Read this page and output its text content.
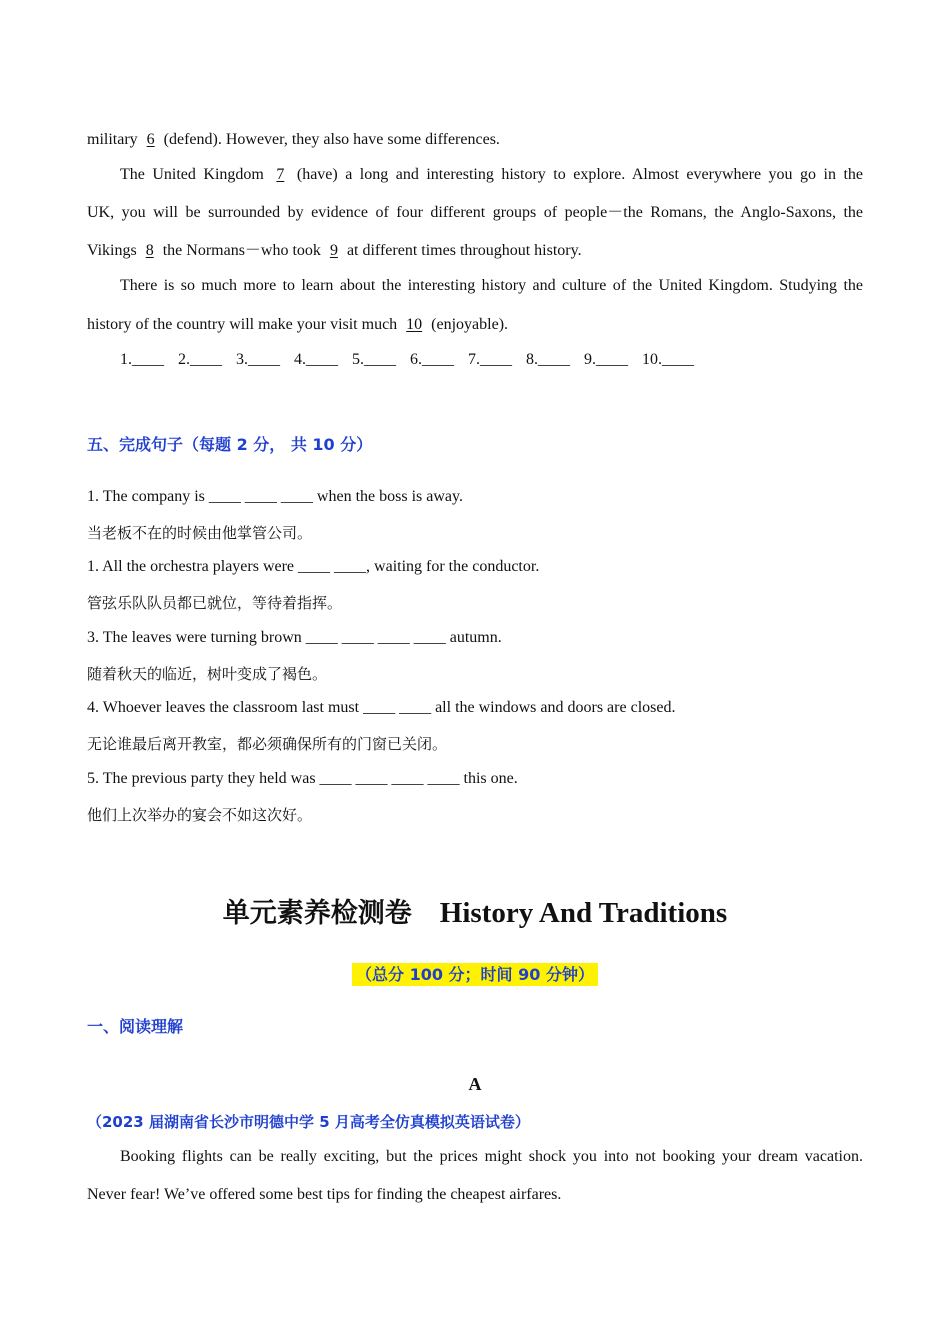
military 6 (defend). However, they also have some differences.
The United Kingdom 7 (have) a long and interesting history to explore. Almost everywhere you go in the
UK, you will be surrounded by evidence of four different groups of people－the Romans, the Anglo-Saxons, the
Vikings 8 the Normans－who took 9 at different times throughout history.
There is so much more to learn about the interesting history and culture of the United Kingdom. Studying the
history of the country will make your visit much 10 (enjoyable).
1.____ 2.____ 3.____ 4.____ 5.____ 6.____ 7.____ 8.____ 9.____ 10.____
五、完成句子（每题 2 分， 共 10 分）
1. The company is ____ ____ ____ when the boss is away.
当老板不在的时候由他掌管公司。
1. All the orchestra players were ____ ____, waiting for the conductor.
管弦乐队队员都已就位，等待着指挥。
3. The leaves were turning brown ____ ____ ____ ____ autumn.
随着秋天的临近，树叶变成了褐色。
4. Whoever leaves the classroom last must ____ ____ all the windows and doors are closed.
无论谁最后离开教室，都必须确保所有的门窗已关闭。
5. The previous party they held was ____ ____ ____ ____ this one.
他们上次举办的宴会不如这次好。
单元素养检测卷 History And Traditions
（总分 100 分；时间 90 分钟）
一、阅读理解
A
（2023 届湖南省长沙市明德中学 5 月高考全仿真模拟英语试卷）
Booking flights can be really exciting, but the prices might shock you into not booking your dream vacation.
Never fear! We’ve offered some best tips for finding the cheapest airfares.
